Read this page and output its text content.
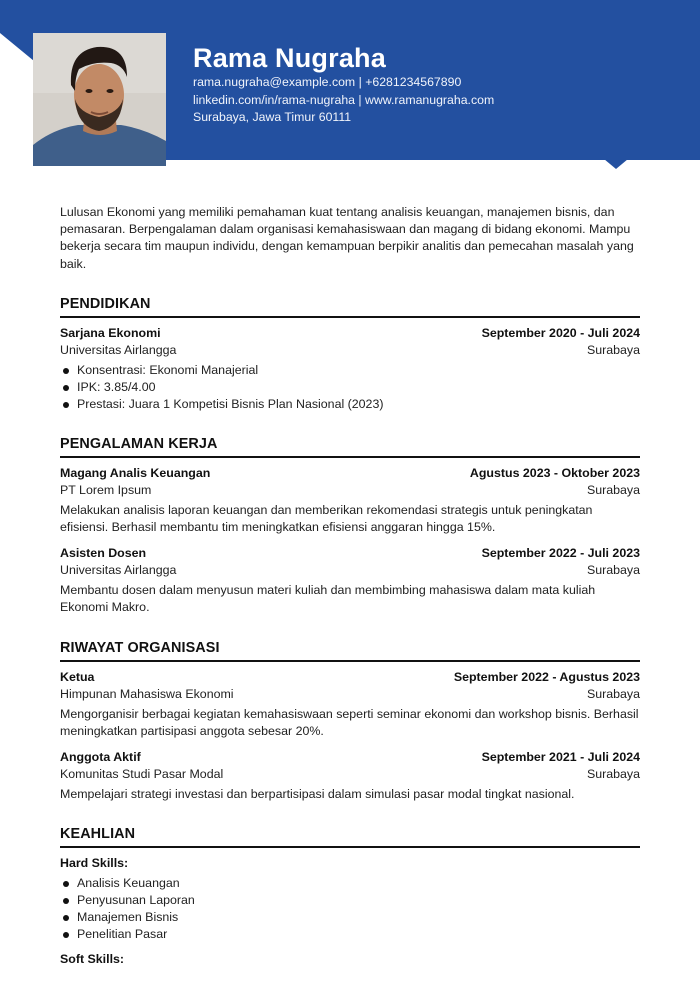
Rama Nugraha
rama.nugraha@example.com | +6281234567890
linkedin.com/in/rama-nugraha | www.ramanugraha.com
Surabaya, Jawa Timur 60111

Lulusan Ekonomi yang memiliki pemahaman kuat tentang analisis keuangan, manajemen bisnis, dan pemasaran. Berpengalaman dalam organisasi kemahasiswaan dan magang di bidang ekonomi. Mampu bekerja secara tim maupun individu, dengan kemampuan berpikir analitis dan pemecahan masalah yang baik.

PENDIDIKAN
Sarjana Ekonomi	September 2020 - Juli 2024
Universitas Airlangga	Surabaya
Konsentrasi: Ekonomi Manajerial
IPK: 3.85/4.00
Prestasi: Juara 1 Kompetisi Bisnis Plan Nasional (2023)
PENGALAMAN KERJA
Magang Analis Keuangan	Agustus 2023 - Oktober 2023
PT Lorem Ipsum	Surabaya

Melakukan analisis laporan keuangan dan memberikan rekomendasi strategis untuk peningkatan efisiensi. Berhasil membantu tim meningkatkan efisiensi anggaran hingga 15%.

Asisten Dosen	September 2022 - Juli 2023
Universitas Airlangga	Surabaya

Membantu dosen dalam menyusun materi kuliah dan membimbing mahasiswa dalam mata kuliah Ekonomi Makro.

RIWAYAT ORGANISASI
Ketua	September 2022 - Agustus 2023
Himpunan Mahasiswa Ekonomi	Surabaya

Mengorganisir berbagai kegiatan kemahasiswaan seperti seminar ekonomi dan workshop bisnis. Berhasil meningkatkan partisipasi anggota sebesar 20%.

Anggota Aktif	September 2021 - Juli 2024
Komunitas Studi Pasar Modal	Surabaya

Mempelajari strategi investasi dan berpartisipasi dalam simulasi pasar modal tingkat nasional.

KEAHLIAN
Hard Skills:
Analisis Keuangan
Penyusunan Laporan
Manajemen Bisnis
Penelitian Pasar
Soft Skills:
